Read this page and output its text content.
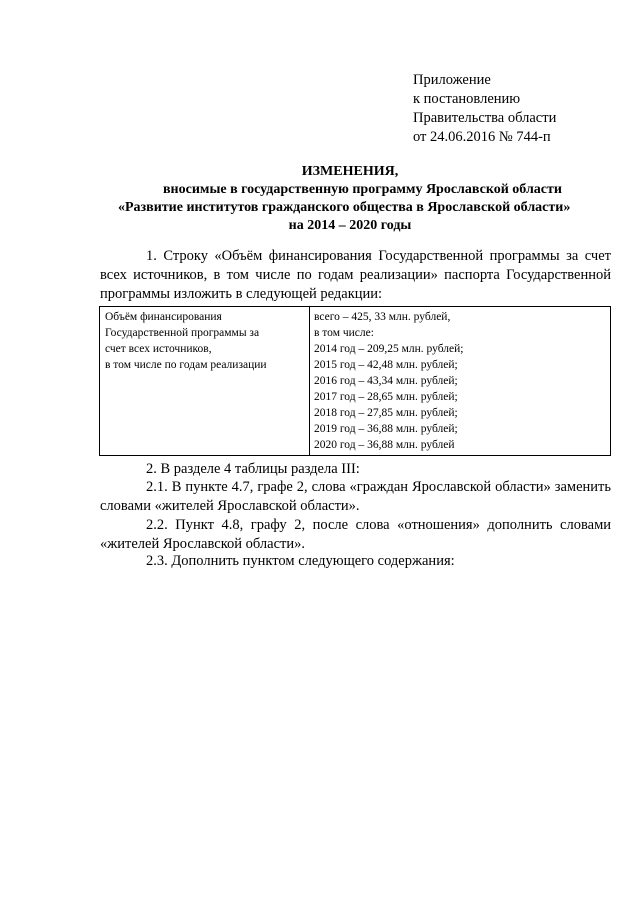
Приложение
к постановлению
Правительства области
от 24.06.2016 № 744-п
ИЗМЕНЕНИЯ,
вносимые в государственную программу Ярославской области
«Развитие институтов гражданского общества в Ярославской области»
на 2014 – 2020 годы
1. Строку «Объём финансирования Государственной программы за счет всех источников, в том числе по годам реализации» паспорта Государственной программы изложить в следующей редакции:
Объём финансирования
Государственной программы за
счет всех источников,
в том числе по годам реализации

всего – 425, 33 млн. рублей,
в том числе:
2014 год – 209,25 млн. рублей;
2015 год – 42,48 млн. рублей;
2016 год – 43,34 млн. рублей;
2017 год – 28,65 млн. рублей;
2018 год – 27,85 млн. рублей;
2019 год – 36,88 млн. рублей;
2020 год – 36,88 млн. рублей
2. В разделе 4 таблицы раздела III:
2.1. В пункте 4.7, графе 2, слова «граждан Ярославской области» заменить словами «жителей Ярославской области».
2.2. Пункт 4.8, графу 2, после слова «отношения» дополнить словами «жителей Ярославской области».
2.3. Дополнить пунктом следующего содержания:
